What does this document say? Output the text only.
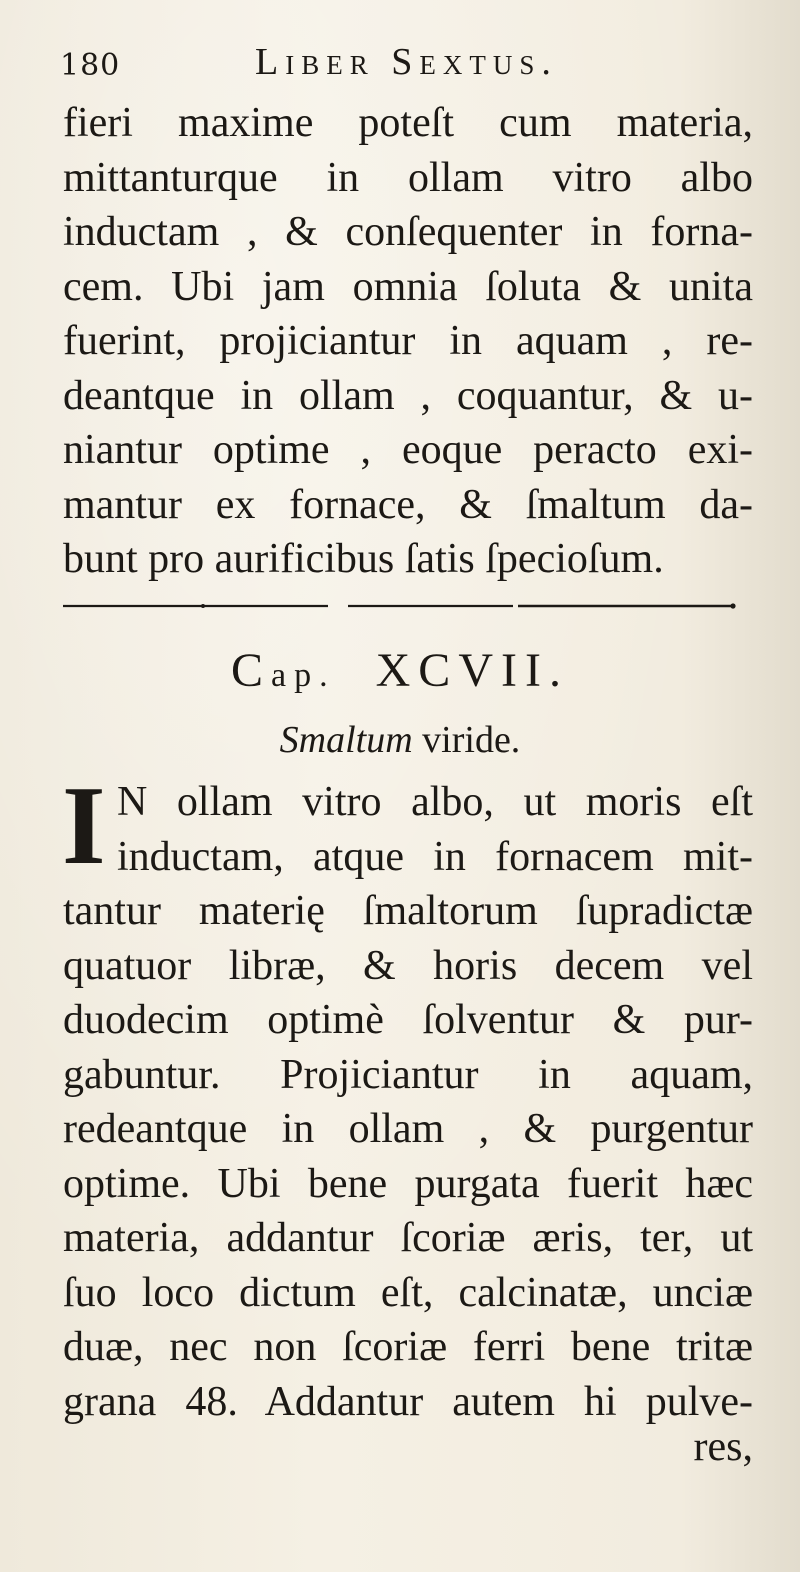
180	Liber Sextus.
fieri maxime poteſt cum materia,
mittanturque in ollam vitro albo
inductam , & conſequenter in forna-
cem. Ubi jam omnia ſoluta & unita
fuerint, projiciantur in aquam , re-
deantque in ollam , coquantur, & u-
niantur optime , eoque peracto exi-
mantur ex fornace, & ſmaltum da-
bunt pro aurificibus ſatis ſpecioſum.
Cap. XCVII.
Smaltum viride.
I N ollam vitro albo, ut moris eſt
inductam, atque in fornacem mit-
tantur materię ſmaltorum ſupradictæ
quatuor libræ, & horis decem vel
duodecim optimè ſolventur & pur-
gabuntur. Projiciantur in aquam,
redeantque in ollam , & purgentur
optime. Ubi bene purgata fuerit hæc
materia, addantur ſcoriæ æris, ter, ut
ſuo loco dictum eſt, calcinatæ, unciæ
duæ, nec non ſcoriæ ferri bene tritæ
grana 48. Addantur autem hi pulve-
res,
